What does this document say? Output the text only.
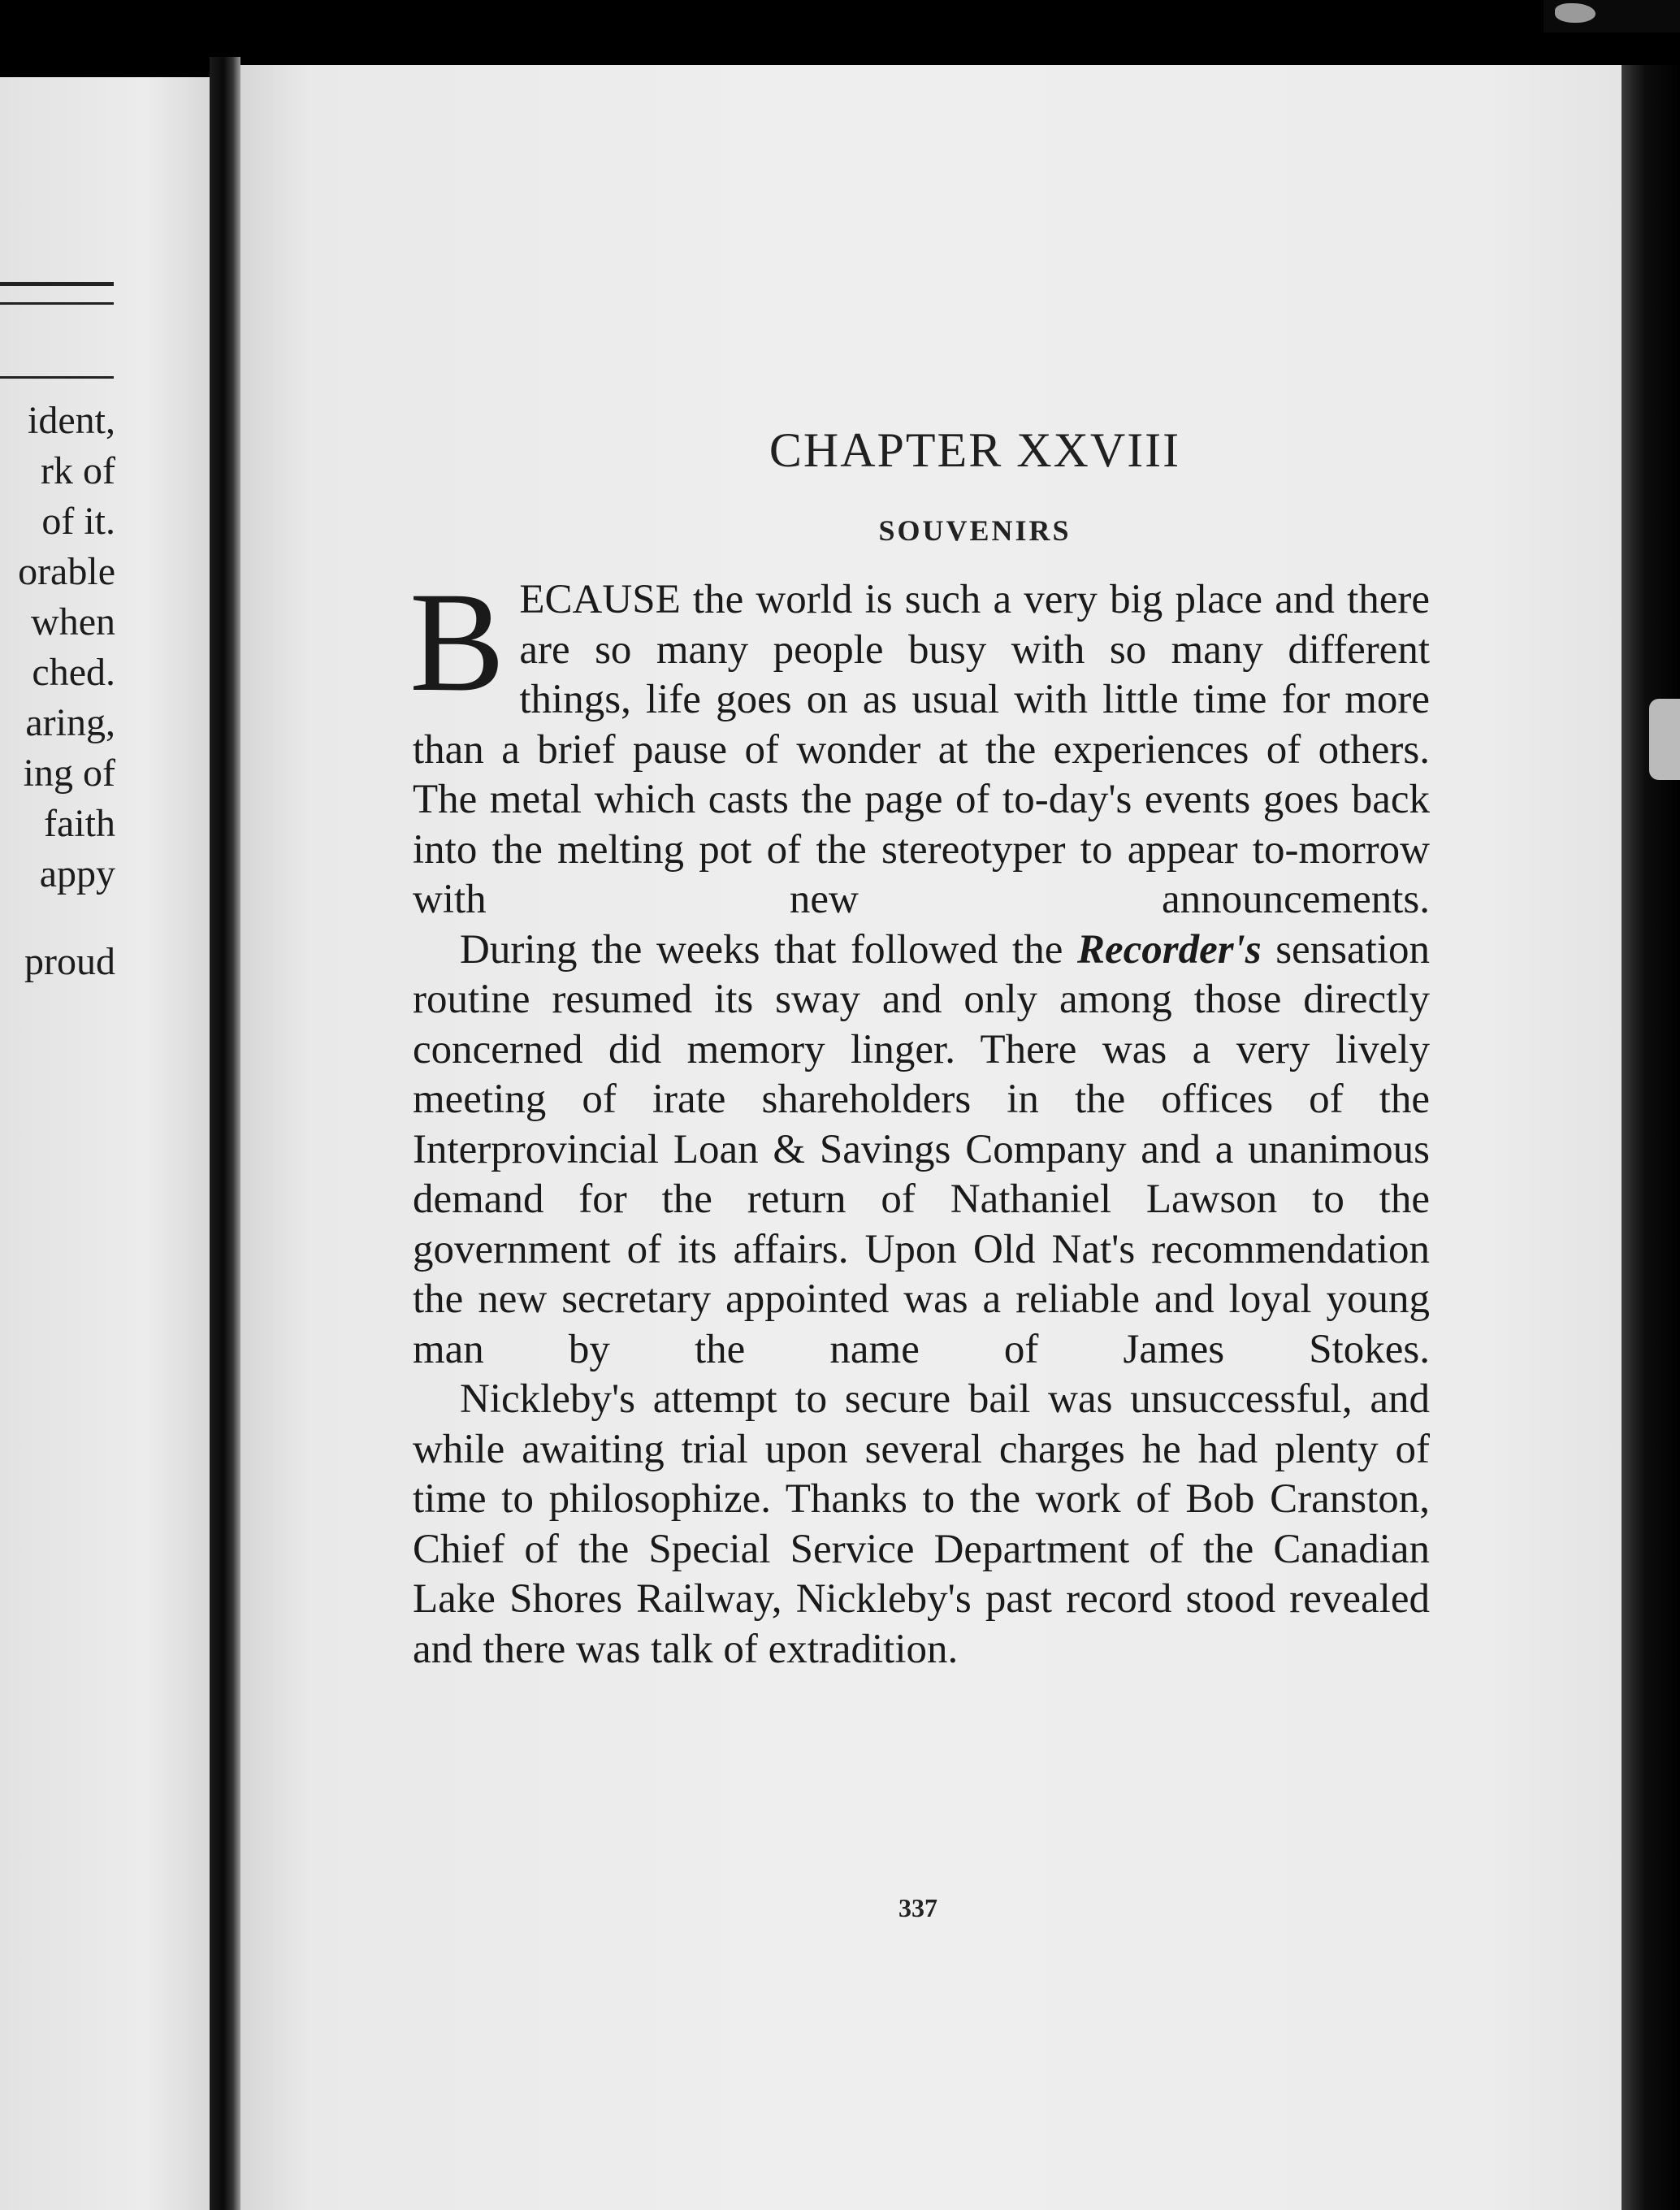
ident,
rk of
of it.
orable
when
ched.
aring,
ing of
faith
appy
proud
CHAPTER XXVIII
SOUVENIRS

BECAUSE the world is such a very big place and there are so many people busy with so many different things, life goes on as usual with little time for more than a brief pause of wonder at the experiences of others. The metal which casts the page of to-day's events goes back into the melting pot of the stereotyper to appear to-morrow with new announcements.

During the weeks that followed the Recorder's sensation routine resumed its sway and only among those directly concerned did memory linger. There was a very lively meeting of irate shareholders in the offices of the Interprovincial Loan & Savings Company and a unanimous demand for the return of Nathaniel Lawson to the government of its affairs. Upon Old Nat's recommendation the new secretary appointed was a reliable and loyal young man by the name of James Stokes.

Nickleby's attempt to secure bail was unsuccessful, and while awaiting trial upon several charges he had plenty of time to philosophize. Thanks to the work of Bob Cranston, Chief of the Special Service Department of the Canadian Lake Shores Railway, Nickleby's past record stood revealed and there was talk of extradition.

337
